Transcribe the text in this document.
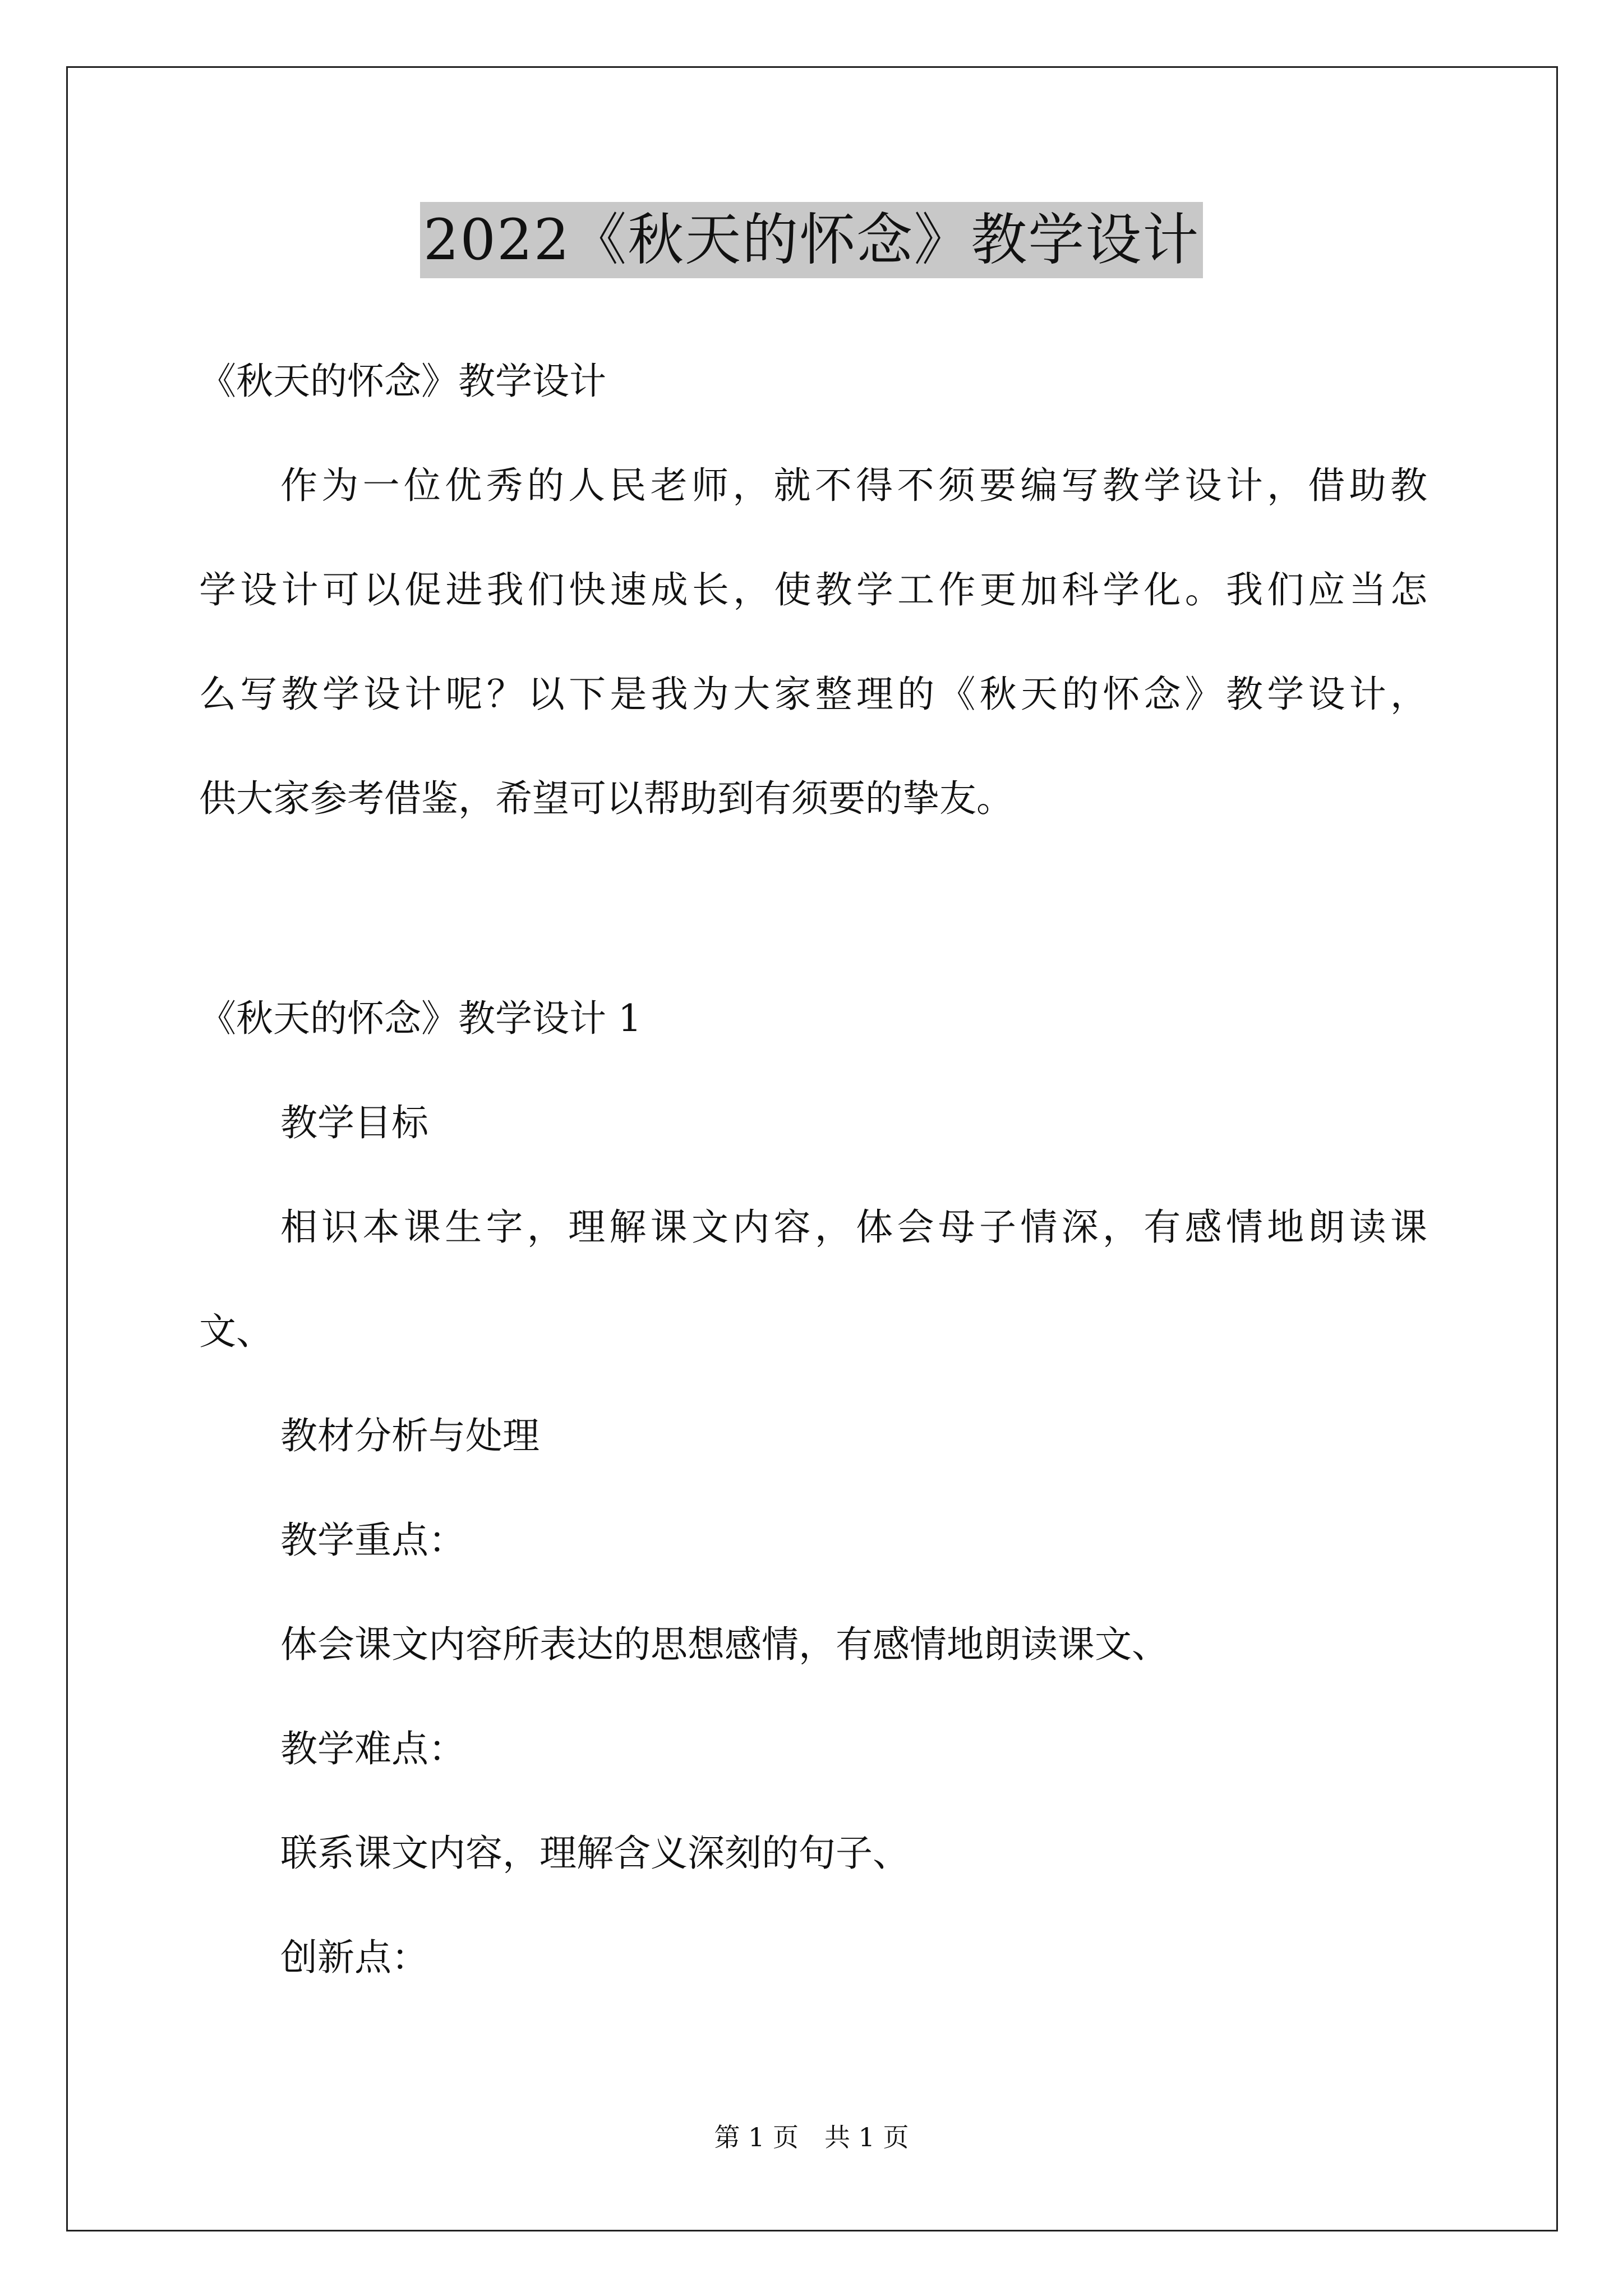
2022《秋天的怀念》教学设计
《秋天的怀念》教学设计
作为一位优秀的人民老师，就不得不须要编写教学设计，借助教
学设计可以促进我们快速成长，使教学工作更加科学化。我们应当怎
么写教学设计呢？以下是我为大家整理的《秋天的怀念》教学设计，
供大家参考借鉴，希望可以帮助到有须要的挚友。
《秋天的怀念》教学设计 1
教学目标
相识本课生字，理解课文内容，体会母子情深，有感情地朗读课
文、
教材分析与处理
教学重点：
体会课文内容所表达的思想感情，有感情地朗读课文、
教学难点：
联系课文内容，理解含义深刻的句子、
创新点：
第 1 页　共 1 页
